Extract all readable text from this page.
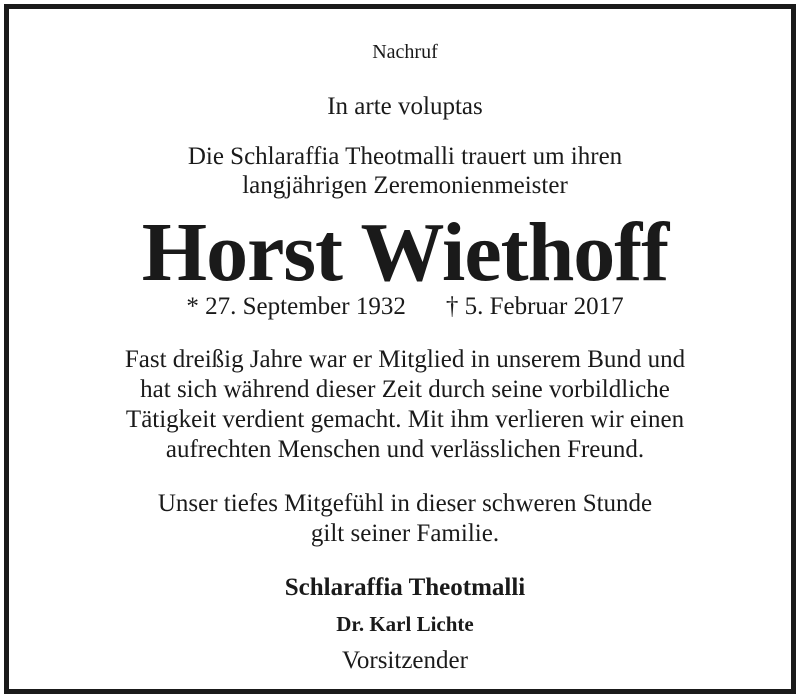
Nachruf
In arte voluptas
Die Schlaraffia Theotmalli trauert um ihren
langjährigen Zeremonienmeister
Horst Wiethoff
* 27. September 1932 † 5. Februar 2017
Fast dreißig Jahre war er Mitglied in unserem Bund und
hat sich während dieser Zeit durch seine vorbildliche
Tätigkeit verdient gemacht. Mit ihm verlieren wir einen
aufrechten Menschen und verlässlichen Freund.
Unser tiefes Mitgefühl in dieser schweren Stunde
gilt seiner Familie.
Schlaraffia Theotmalli
Dr. Karl Lichte
Vorsitzender
